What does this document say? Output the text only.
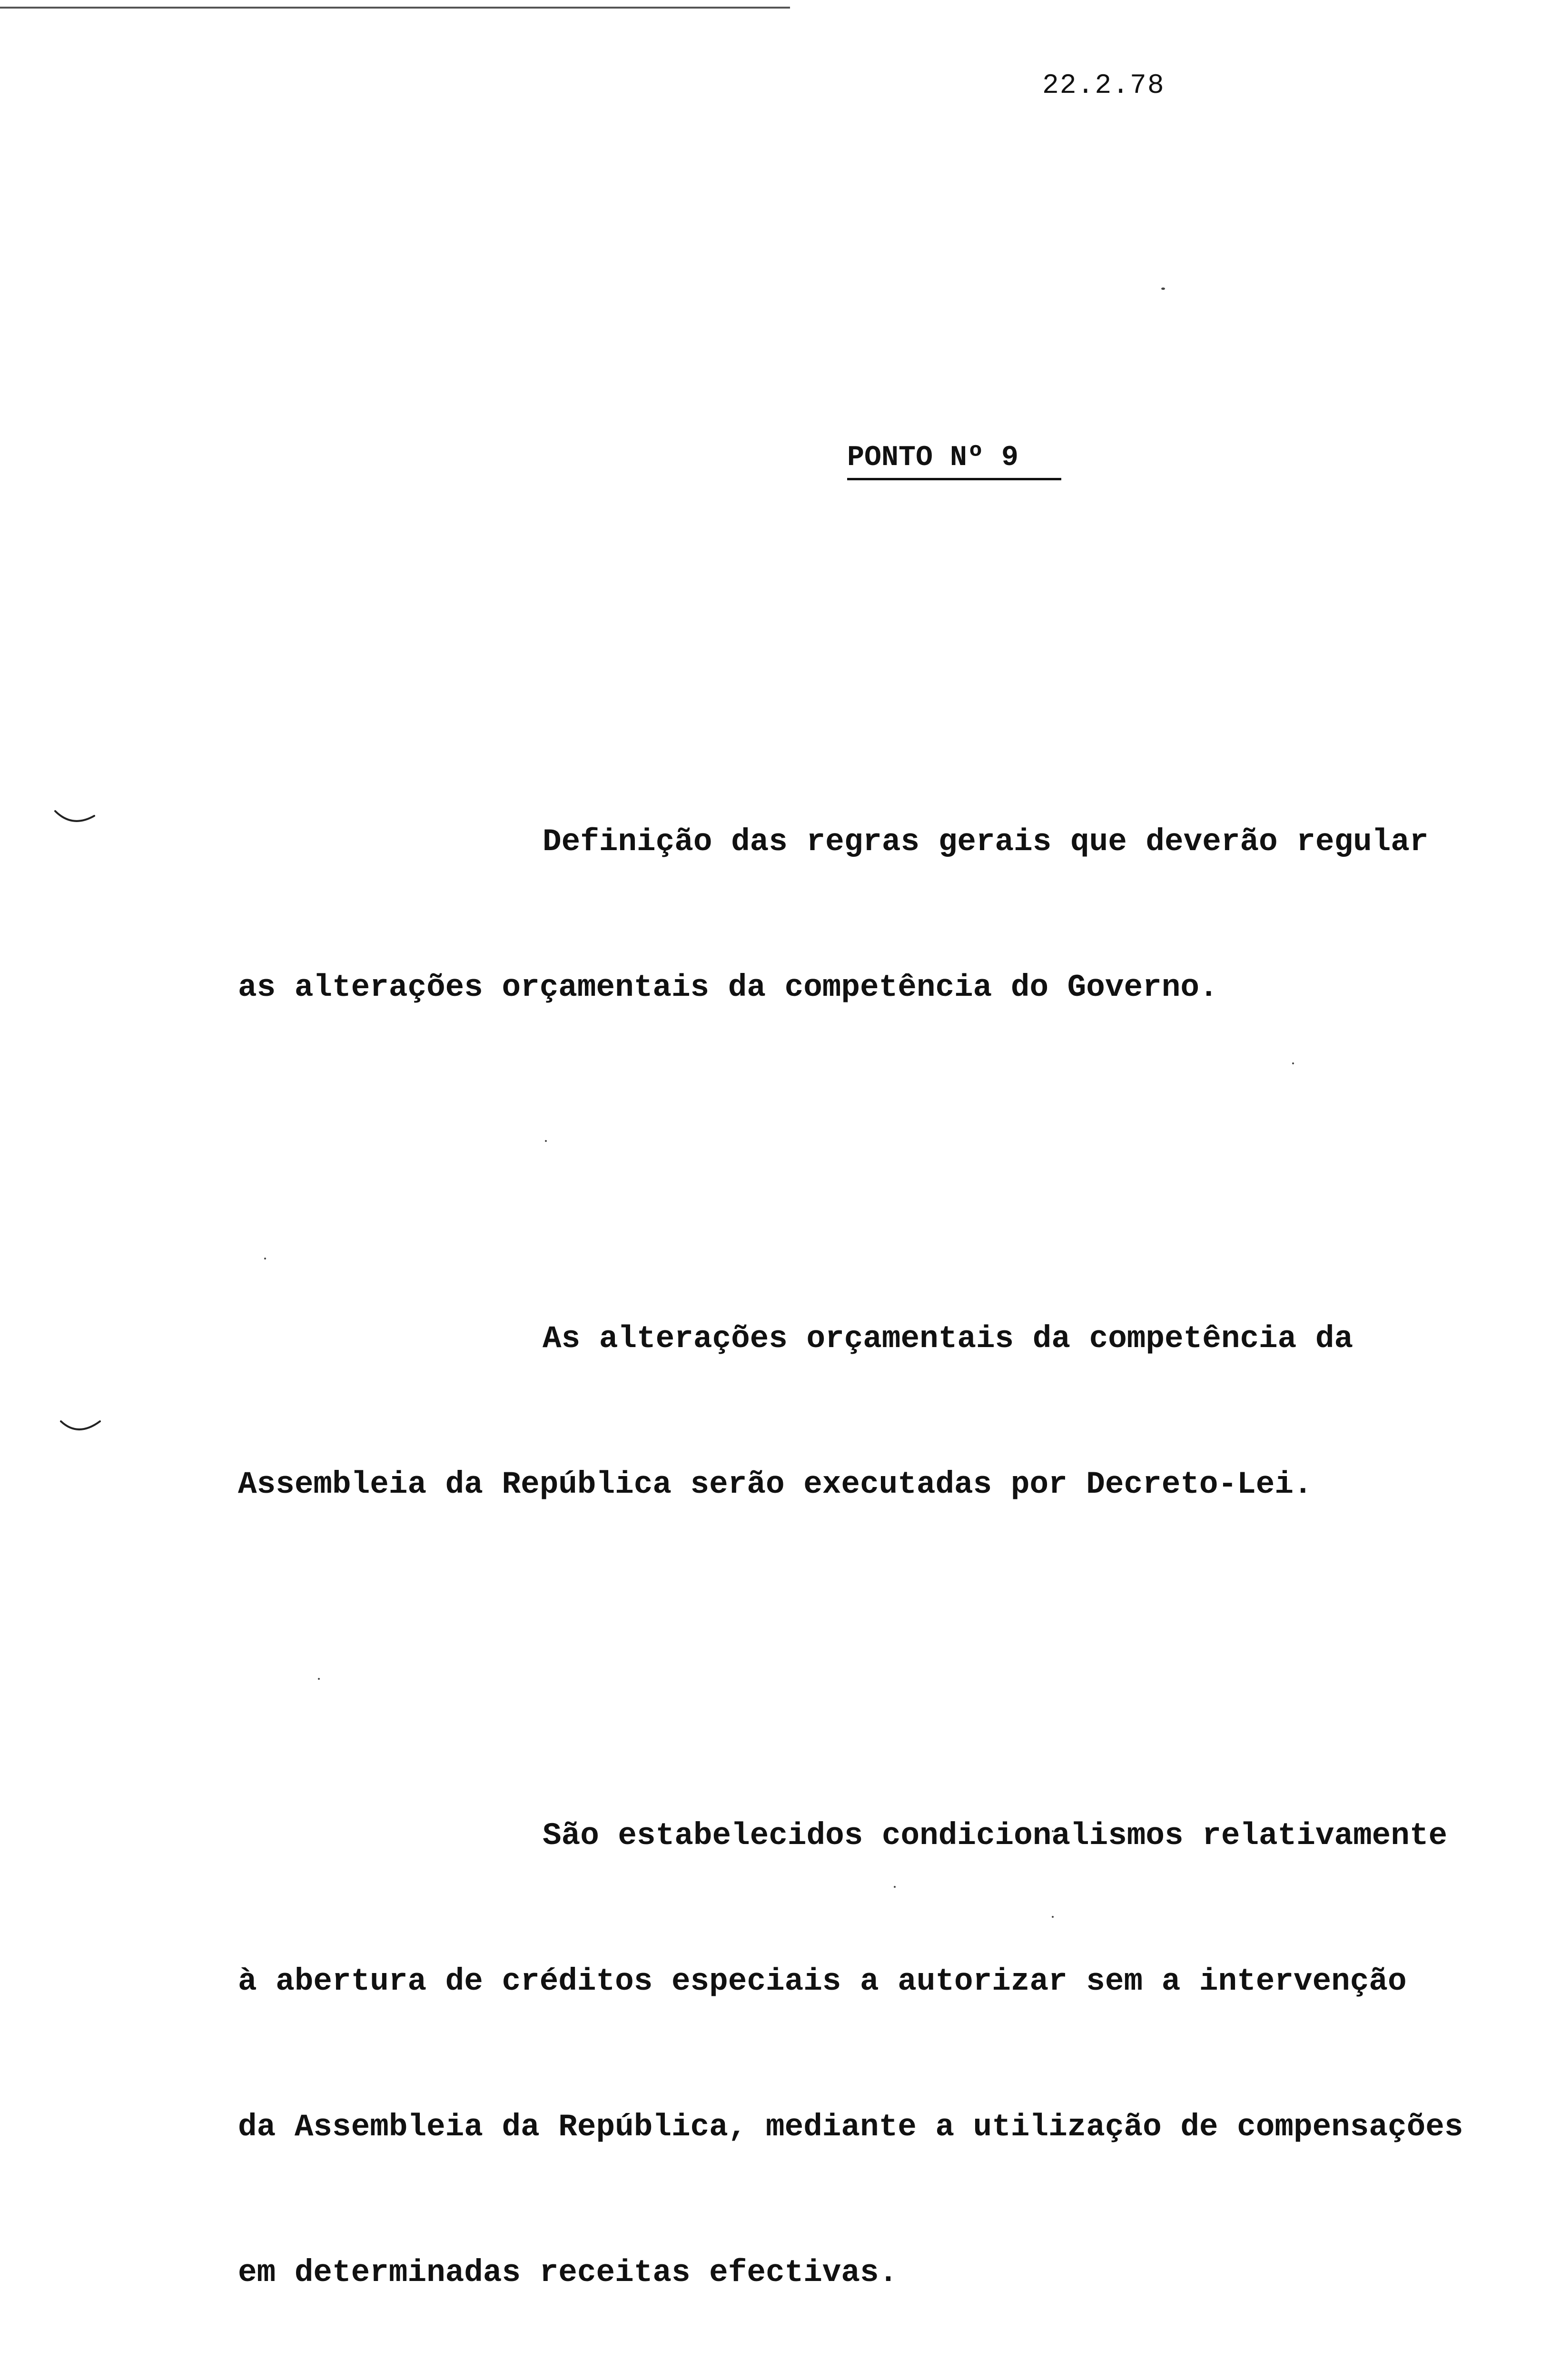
22.2.78
PONTO Nº 9

Definição das regras gerais que deverão regular

as alterações orçamentais da competência do Governo.

As alterações orçamentais da competência da

Assembleia da República serão executadas por Decreto-Lei.

São estabelecidos condicionalismos relativamente

à abertura de créditos especiais a autorizar sem a intervenção

da Assembleia da República, mediante a utilização de compensações

em determinadas receitas efectivas.
